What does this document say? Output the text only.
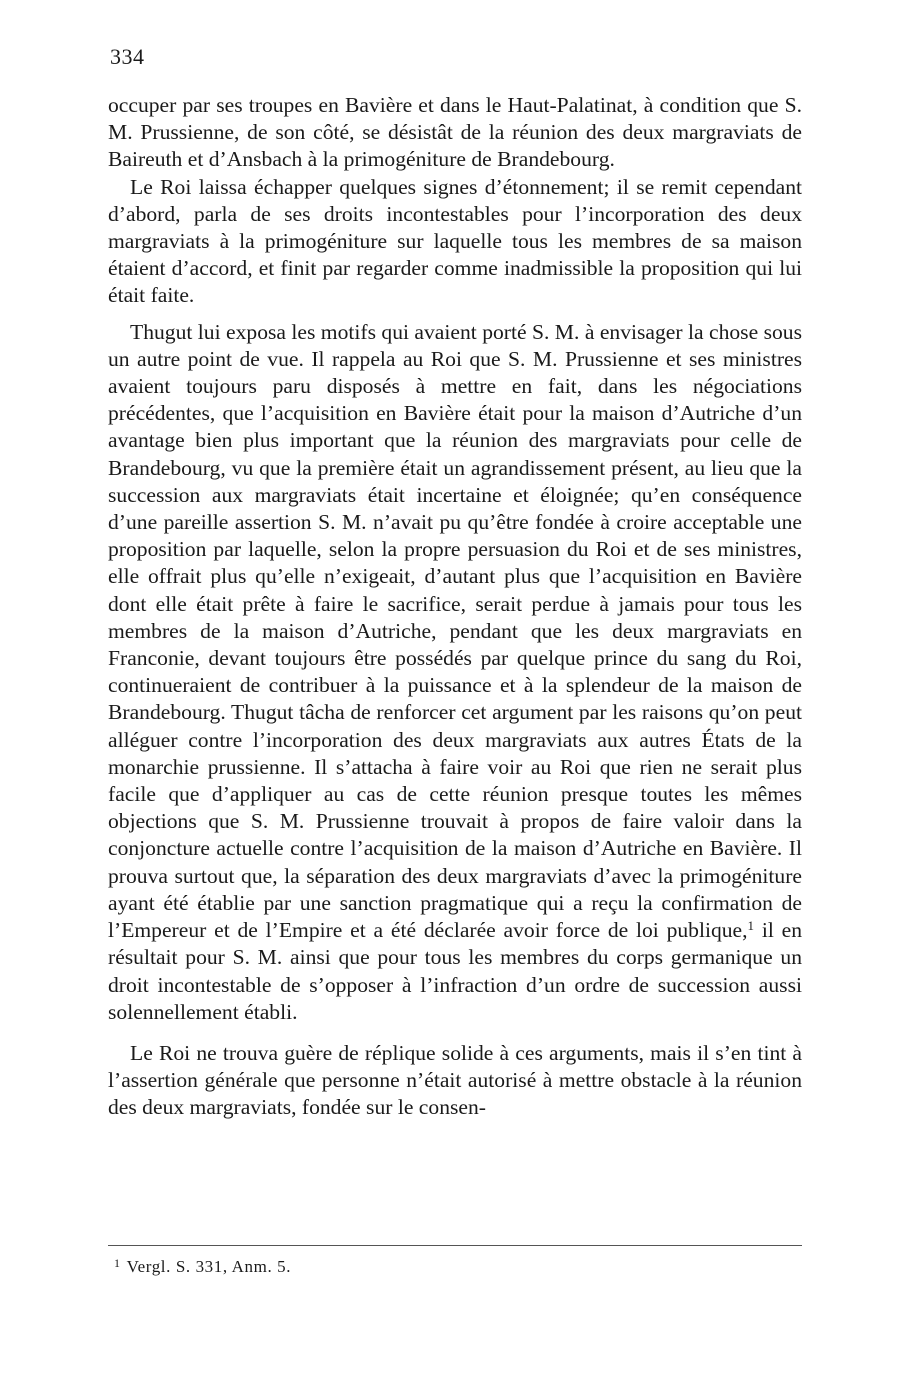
334

occuper par ses troupes en Bavière et dans le Haut-Palatinat, à condition que S. M. Prussienne, de son côté, se désistât de la réunion des deux margraviats de Baireuth et d’Ansbach à la primogéniture de Brandebourg.

Le Roi laissa échapper quelques signes d’étonnement; il se remit cependant d’abord, parla de ses droits incontestables pour l’incorporation des deux margraviats à la primogéniture sur laquelle tous les membres de sa maison étaient d’accord, et finit par regarder comme inadmissible la proposition qui lui était faite.

Thugut lui exposa les motifs qui avaient porté S. M. à envisager la chose sous un autre point de vue. Il rappela au Roi que S. M. Prussienne et ses ministres avaient toujours paru disposés à mettre en fait, dans les négociations précédentes, que l’acquisition en Bavière était pour la maison d’Autriche d’un avantage bien plus important que la réunion des margraviats pour celle de Brandebourg, vu que la première était un agrandissement présent, au lieu que la succession aux margraviats était incertaine et éloignée; qu’en conséquence d’une pareille assertion S. M. n’avait pu qu’être fondée à croire acceptable une proposition par laquelle, selon la propre persuasion du Roi et de ses ministres, elle offrait plus qu’elle n’exigeait, d’autant plus que l’acquisition en Bavière dont elle était prête à faire le sacrifice, serait perdue à jamais pour tous les membres de la maison d’Autriche, pendant que les deux margraviats en Franconie, devant toujours être possédés par quelque prince du sang du Roi, continueraient de contribuer à la puissance et à la splendeur de la maison de Brandebourg. Thugut tâcha de renforcer cet argument par les raisons qu’on peut alléguer contre l’incorporation des deux margraviats aux autres États de la monarchie prussienne. Il s’attacha à faire voir au Roi que rien ne serait plus facile que d’appliquer au cas de cette réunion presque toutes les mêmes objections que S. M. Prussienne trouvait à propos de faire valoir dans la conjoncture actuelle contre l’acquisition de la maison d’Autriche en Bavière. Il prouva surtout que, la séparation des deux margraviats d’avec la primogéniture ayant été établie par une sanction pragmatique qui a reçu la confirmation de l’Empereur et de l’Empire et a été déclarée avoir force de loi publique,$^1$ il en résultait pour S. M. ainsi que pour tous les membres du corps germanique un droit incontestable de s’opposer à l’infraction d’un ordre de succession aussi solennellement établi.

Le Roi ne trouva guère de réplique solide à ces arguments, mais il s’en tint à l’assertion générale que personne n’était autorisé à mettre obstacle à la réunion des deux margraviats, fondée sur le consen-

$^1$ Vergl. S. 331, Anm. 5.
